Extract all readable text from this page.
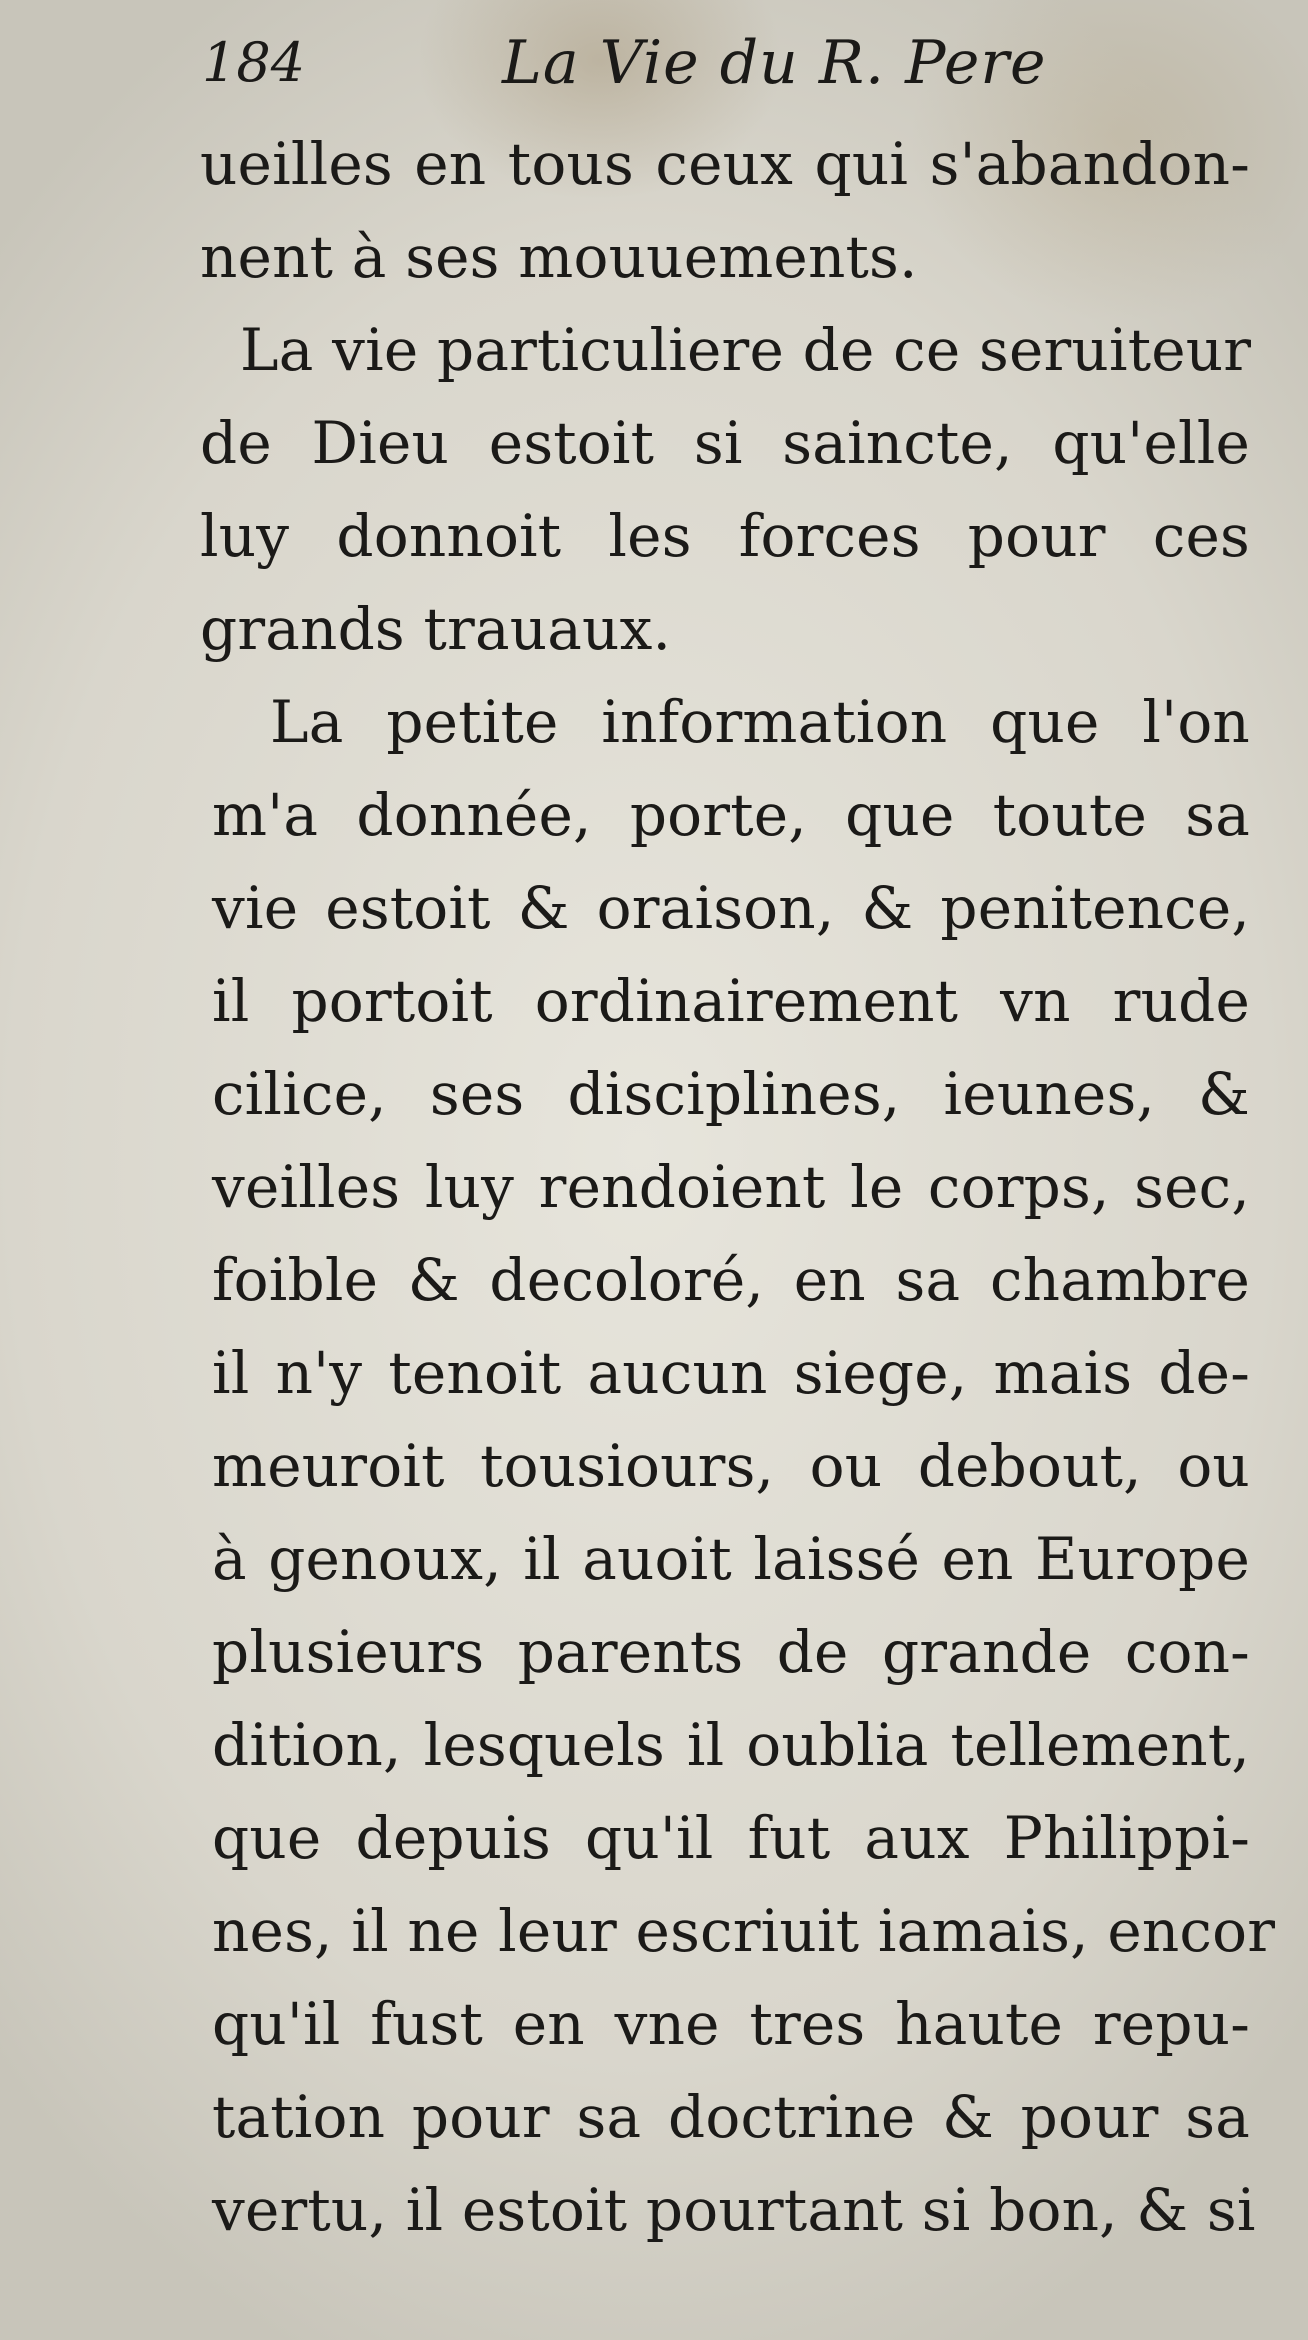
184	La Vie du R. Pere
ueilles en tous ceux qui s'abandon-
nent à ses mouuements.
La vie particuliere de ce seruiteur
de Dieu estoit si saincte, qu'elle
luy donnoit les forces pour ces
grands trauaux.
La petite information que l'on
m'a donnée, porte, que toute sa
vie estoit & oraison, & penitence,
il portoit ordinairement vn rude
cilice, ses disciplines, ieunes, &
veilles luy rendoient le corps, sec,
foible & decoloré, en sa chambre
il n'y tenoit aucun siege, mais de-
meuroit tousiours, ou debout, ou
à genoux, il auoit laissé en Europe
plusieurs parents de grande con-
dition, lesquels il oublia tellement,
que depuis qu'il fut aux Philippi-
nes, il ne leur escriuit iamais, encor
qu'il fust en vne tres haute repu-
tation pour sa doctrine & pour sa
vertu, il estoit pourtant si bon, & si
